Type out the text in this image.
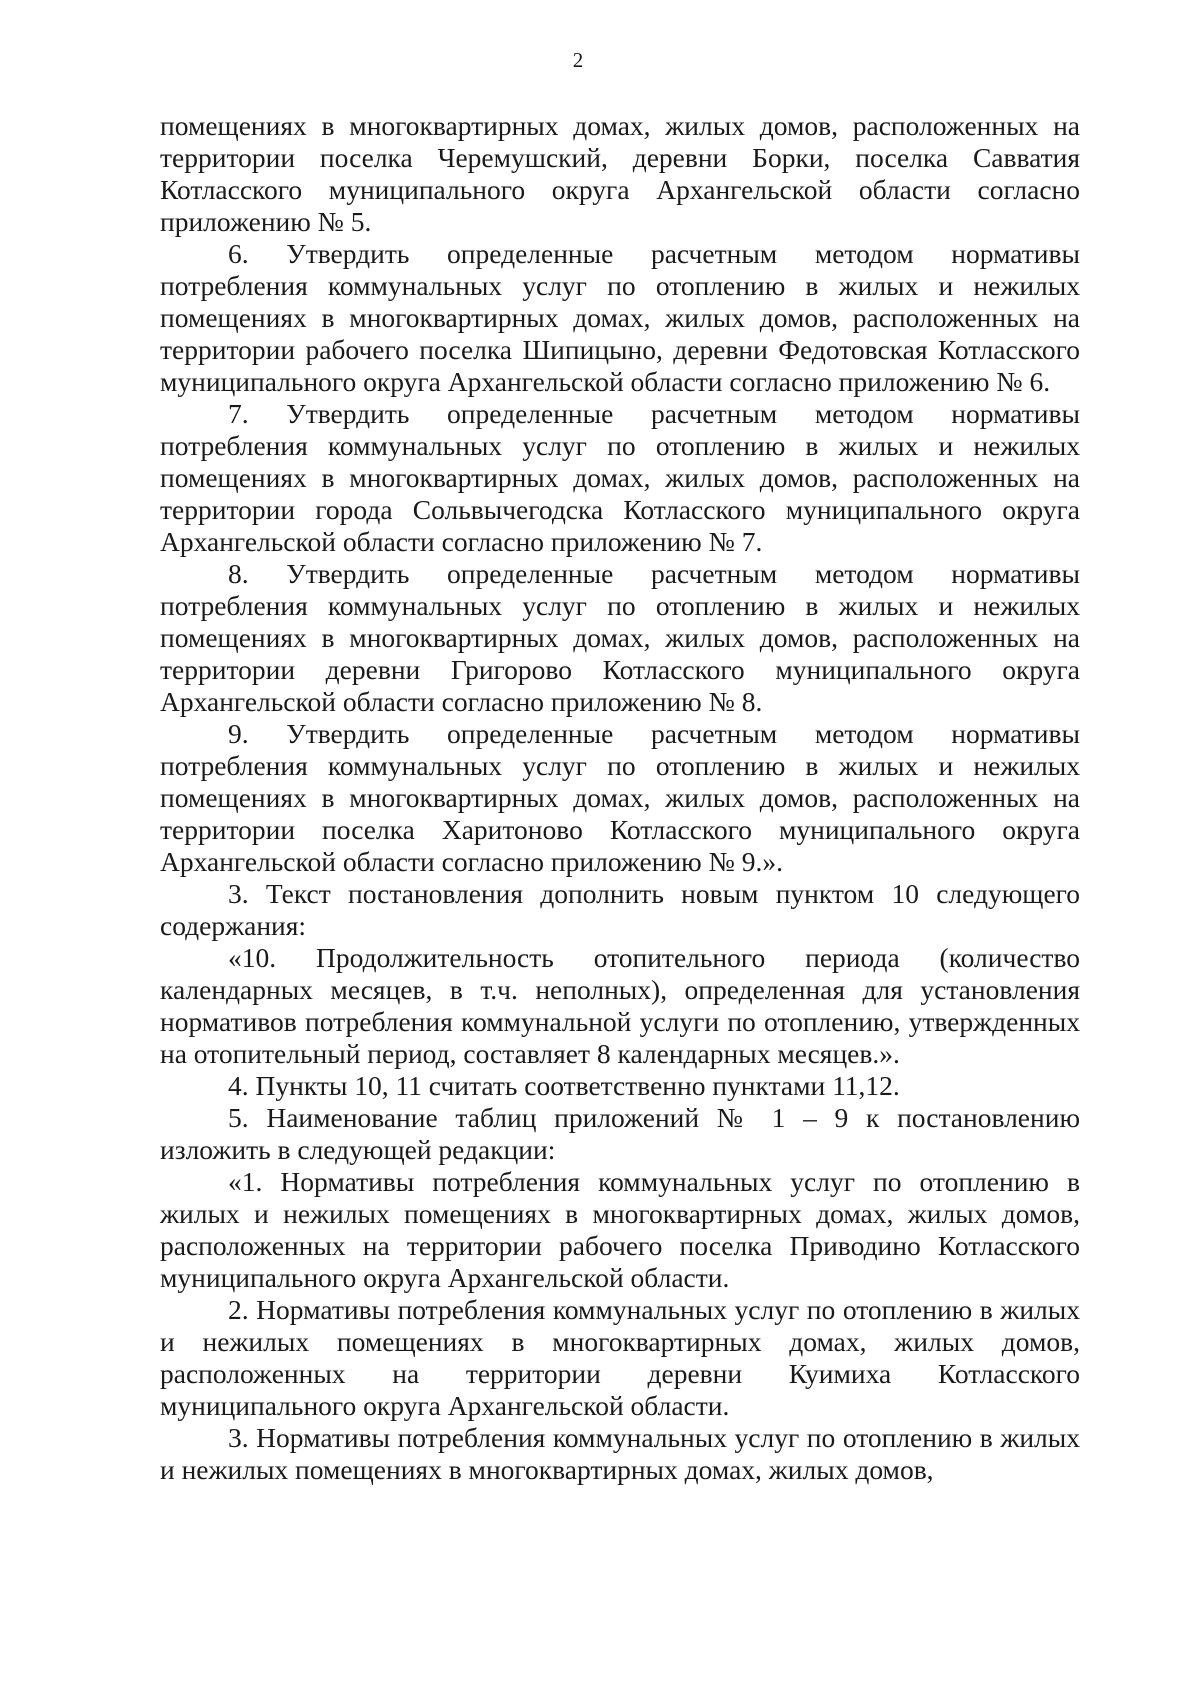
2

помещениях в многоквартирных домах, жилых домов, расположенных на территории поселка Черемушский, деревни Борки, поселка Савватия Котласского муниципального округа Архангельской области согласно приложению № 5.

6. Утвердить определенные расчетным методом нормативы потребления коммунальных услуг по отоплению в жилых и нежилых помещениях в многоквартирных домах, жилых домов, расположенных на территории рабочего поселка Шипицыно, деревни Федотовская Котласского муниципального округа Архангельской области согласно приложению № 6.

7. Утвердить определенные расчетным методом нормативы потребления коммунальных услуг по отоплению в жилых и нежилых помещениях в многоквартирных домах, жилых домов, расположенных на территории города Сольвычегодска Котласского муниципального округа Архангельской области согласно приложению № 7.

8. Утвердить определенные расчетным методом нормативы потребления коммунальных услуг по отоплению в жилых и нежилых помещениях в многоквартирных домах, жилых домов, расположенных на территории деревни Григорово Котласского муниципального округа Архангельской области согласно приложению № 8.

9. Утвердить определенные расчетным методом нормативы потребления коммунальных услуг по отоплению в жилых и нежилых помещениях в многоквартирных домах, жилых домов, расположенных на территории поселка Харитоново Котласского муниципального округа Архангельской области согласно приложению № 9.».

3. Текст постановления дополнить новым пунктом 10 следующего содержания:

«10. Продолжительность отопительного периода (количество календарных месяцев, в т.ч. неполных), определенная для установления нормативов потребления коммунальной услуги по отоплению, утвержденных на отопительный период, составляет 8 календарных месяцев.».

4. Пункты 10, 11 считать соответственно пунктами 11,12.

5. Наименование таблиц приложений № 1 – 9 к постановлению изложить в следующей редакции:

«1. Нормативы потребления коммунальных услуг по отоплению в жилых и нежилых помещениях в многоквартирных домах, жилых домов, расположенных на территории рабочего поселка Приводино Котласского муниципального округа Архангельской области.

2. Нормативы потребления коммунальных услуг по отоплению в жилых и нежилых помещениях в многоквартирных домах, жилых домов, расположенных на территории деревни Куимиха Котласского муниципального округа Архангельской области.

3. Нормативы потребления коммунальных услуг по отоплению в жилых и нежилых помещениях в многоквартирных домах, жилых домов,
